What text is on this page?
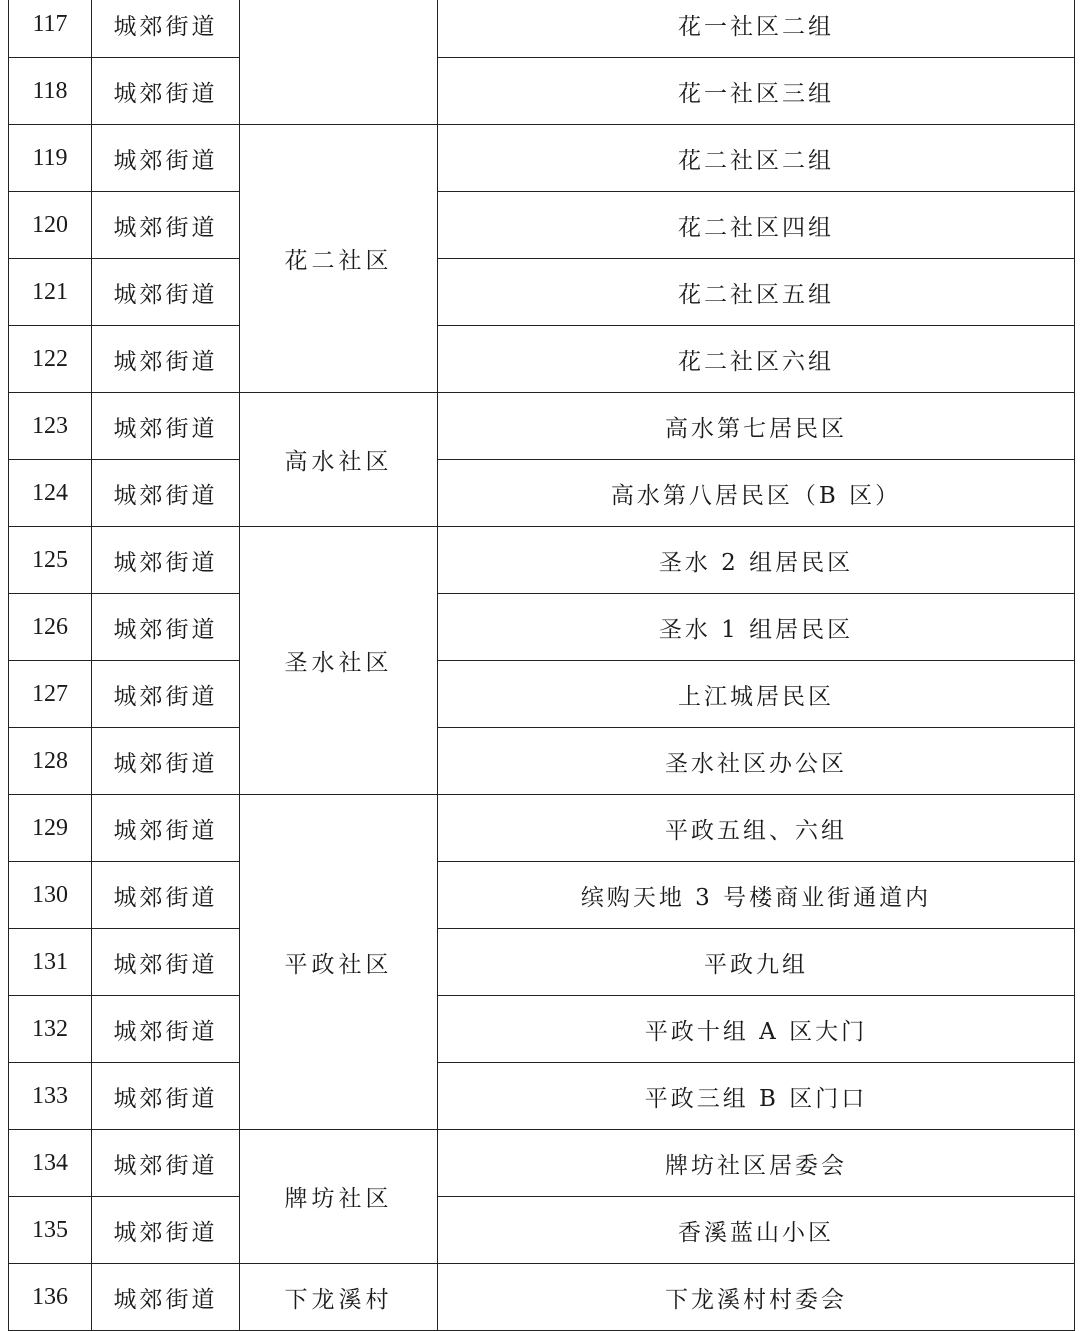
117	城郊街道		花一社区二组
118	城郊街道		花一社区三组
119	城郊街道	花二社区	花二社区二组
120	城郊街道		花二社区四组
121	城郊街道		花二社区五组
122	城郊街道		花二社区六组
123	城郊街道	高水社区	高水第七居民区
124	城郊街道		高水第八居民区（B 区）
125	城郊街道	圣水社区	圣水 2 组居民区
126	城郊街道		圣水 1 组居民区
127	城郊街道		上江城居民区
128	城郊街道		圣水社区办公区
129	城郊街道	平政社区	平政五组、六组
130	城郊街道		缤购天地 3 号楼商业街通道内
131	城郊街道		平政九组
132	城郊街道		平政十组 A 区大门
133	城郊街道		平政三组 B 区门口
134	城郊街道	牌坊社区	牌坊社区居委会
135	城郊街道		香溪蓝山小区
136	城郊街道	下龙溪村	下龙溪村村委会
